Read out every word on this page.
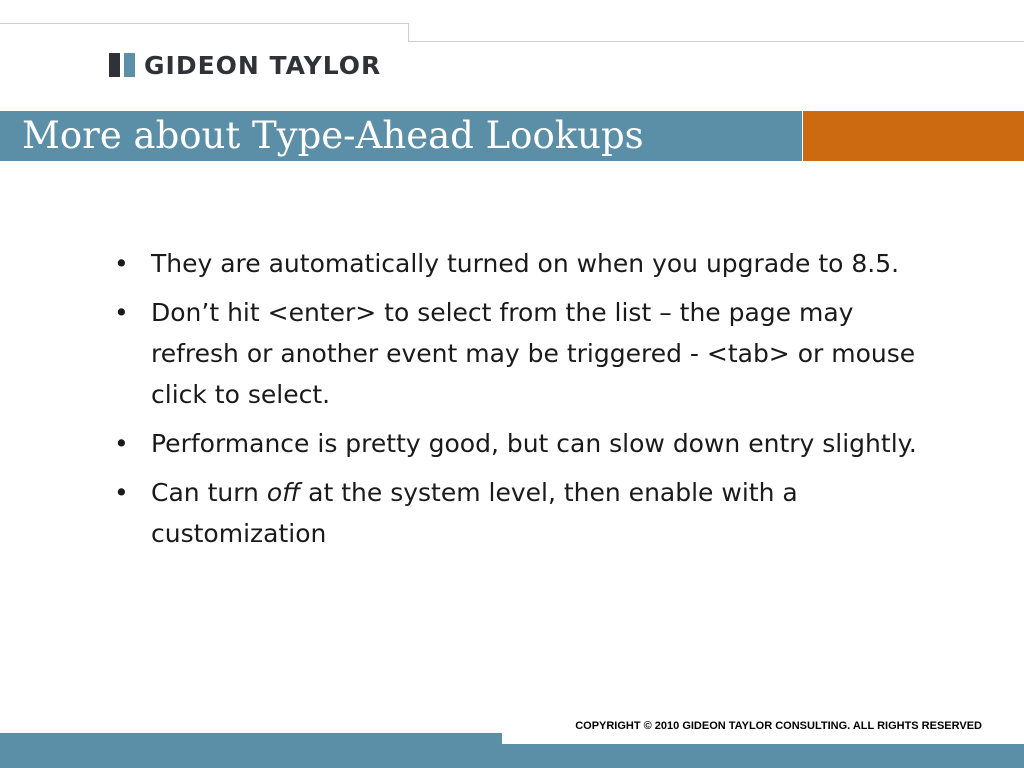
GIDEON TAYLOR
More about Type-Ahead Lookups
• They are automatically turned on when you upgrade to 8.5.
• Don’t hit <enter> to select from the list – the page may refresh or another event may be triggered - <tab> or mouse click to select.
• Performance is pretty good, but can slow down entry slightly.
• Can turn off at the system level, then enable with a customization
COPYRIGHT © 2010 GIDEON TAYLOR CONSULTING. ALL RIGHTS RESERVED
